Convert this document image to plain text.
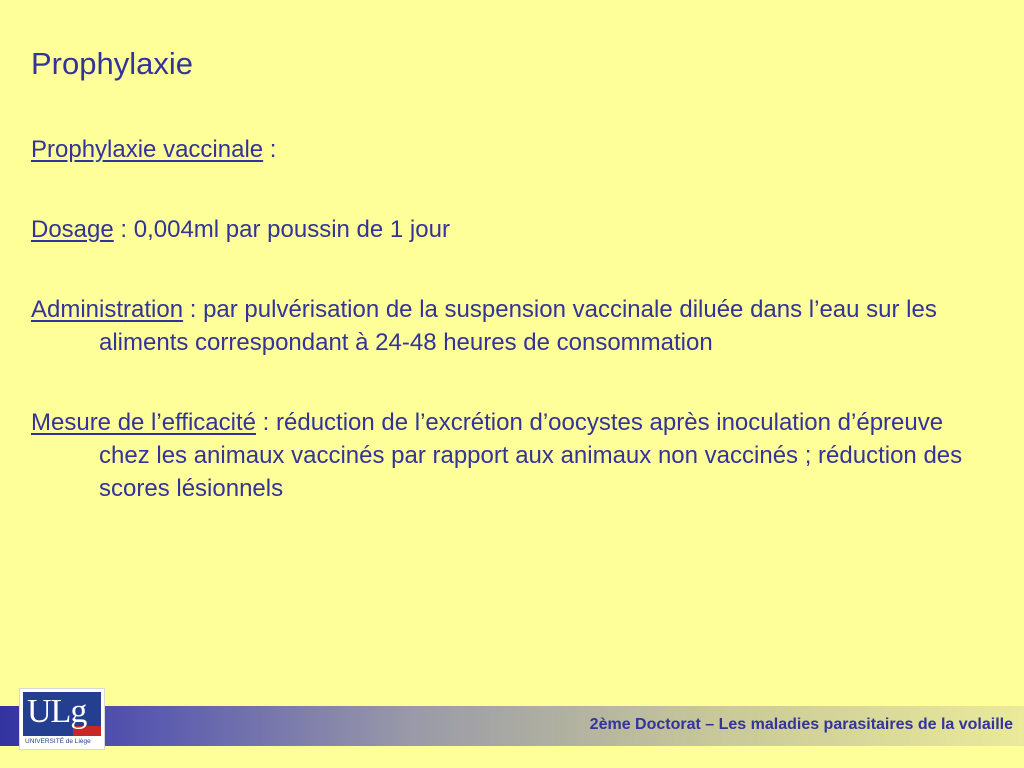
Prophylaxie

Prophylaxie vaccinale :

Dosage : 0,004ml par poussin de 1 jour

Administration : par pulvérisation de la suspension vaccinale diluée dans l’eau sur les aliments correspondant à 24-48 heures de consommation

Mesure de l’efficacité : réduction de l’excrétion d’oocystes après inoculation d’épreuve chez les animaux vaccinés par rapport aux animaux non vaccinés ; réduction des scores lésionnels

2ème Doctorat – Les maladies parasitaires de la volaille
ULg
UNIVERSITÉ de Liège
